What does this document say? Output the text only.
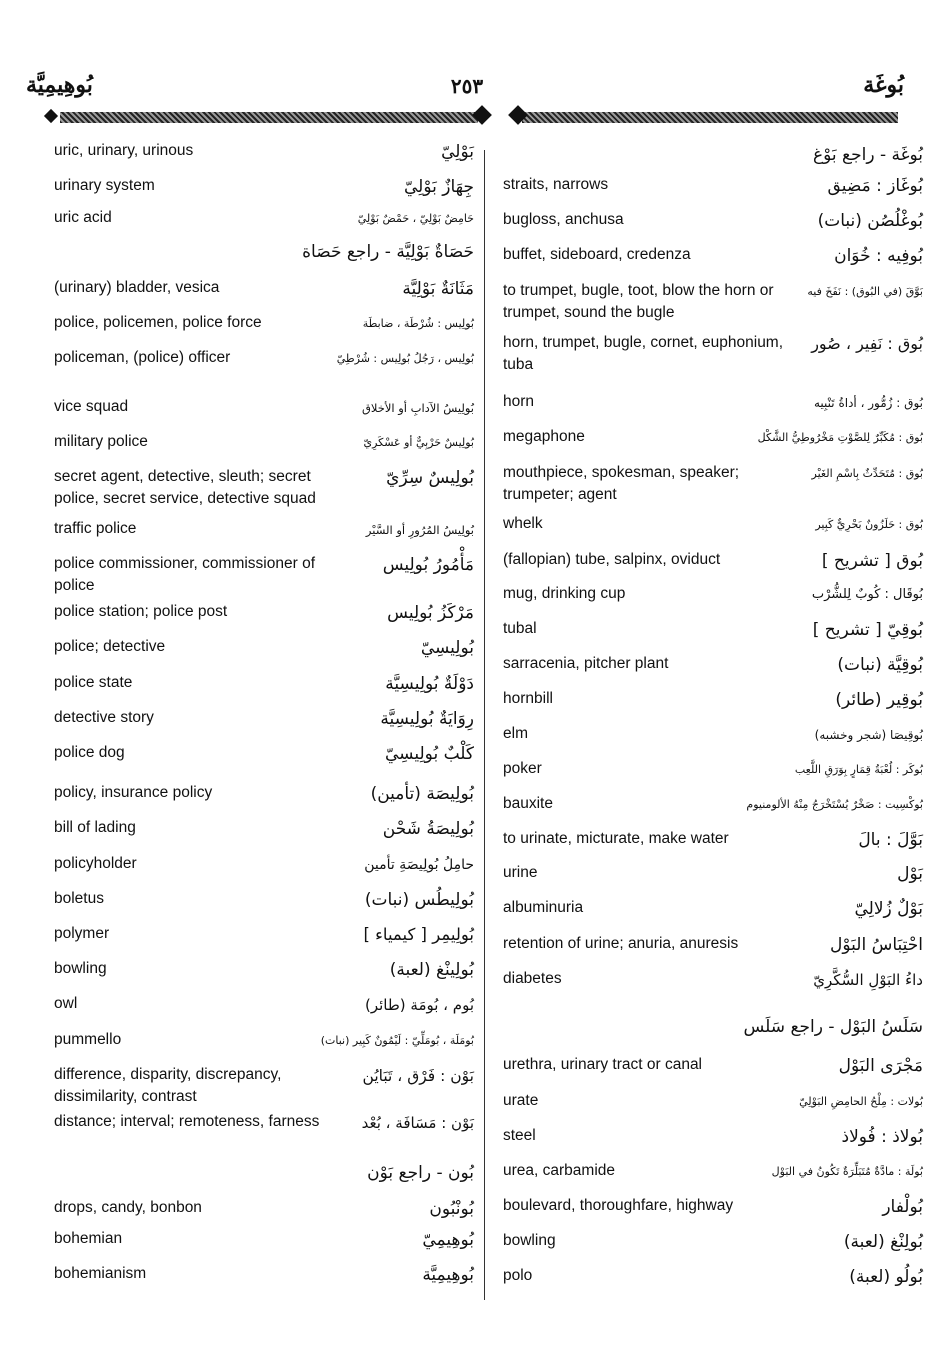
بُوهِيمِيَّة	٢٥٣	بُوغَة
بَوْلِيّ
uric, urinary, urinous
جِهَازٌ بَوْلِيّ
urinary system
حَامِضٌ بَوْلِيّ ، حَمْضٌ بَوْلِيّ
uric acid
حَصَاةٌ بَوْلِيَّة - راجع حَصَاة
مَثَانَةٌ بَوْلِيَّة
(urinary) bladder, vesica
بُولِيس : شُرْطَة ، ضابطَة
police, policemen, police force
بُولِيس ، رَجُلُ بُولِيس : شُرْطِيّ
policeman, (police) officer
بُولِيسُ الآدابِ أو الأخلاق
vice squad
بُولِيسٌ حَرْبِيٌّ أو عَسْكَرِيّ
military police
بُولِيسٌ سِرِّيّ
secret agent, detective, sleuth; secret police, secret service, detective squad
بُولِيسُ المُرُورِ أو السَّيْر
traffic police
مَأْمُورُ بُولِيس
police commissioner, commissioner of police
مَرْكَزُ بُولِيس
police station; police post
بُولِيسِيّ
police; detective
دَوْلَةٌ بُولِيسِيَّة
police state
رِوَايَةٌ بُولِيسِيَّة
detective story
كَلْبٌ بُولِيسِيّ
police dog
بُولِيصَة (تأمين)
policy, insurance policy
بُولِيصَةُ شَحْن
bill of lading
حامِلُ بُولِيصَةِ تأمين
policyholder
بُولِيطُس (نبات)
boletus
بُولِيمِر [ كيمياء ]
polymer
بُولِينْغ (لعبة)
bowling
بُوم ، بُومَة (طائر)
owl
بُومَلَة ، بُومَلِّيّ : لَيْمُونٌ كَبِير (نبات)
pummello
بَوْن : فَرْق ، تَبَايُن
difference, disparity, discrepancy, dissimilarity, contrast
بَوْن : مَسَافَة ، بُعْد
distance; interval; remoteness, farness
بُون - راجع بَوْن
بُونْبُون
drops, candy, bonbon
بُوهِيمِيّ
bohemian
بُوهِيمِيَّة
bohemianism
بُوغَة - راجع بَوْغ
بُوغَاز : مَضِيق
straits, narrows
بُوغْلُصُن (نبات)
bugloss, anchusa
بُوفِيه : خُوَان
buffet, sideboard, credenza
بَوَّقَ (في البُوق) : نَفَخَ فيه
to trumpet, bugle, toot, blow the horn or trumpet, sound the bugle
بُوق : نَفِير ، صُور
horn, trumpet, bugle, cornet, euphonium, tuba
بُوق : زُمُّور ، أداةُ تَنْبِيه
horn
بُوق : مُكَبِّرٌ لِلصَّوْتِ مَخْرُوطِيُّ الشَّكْل
megaphone
بُوق : مُتَحَدِّثٌ بِاسْمِ الغَيْر
mouthpiece, spokesman, speaker; trumpeter; agent
بُوق : حَلَزُونٌ بَحْرِيٌّ كَبِير
whelk
بُوق [ تشريح ]
(fallopian) tube, salpinx, oviduct
بُوقَال : كُوبٌ لِلشُّرْب
mug, drinking cup
بُوقِيّ [ تشريح ]
tubal
بُوقِيَّة (نبات)
sarracenia, pitcher plant
بُوقِير (طائر)
hornbill
بُوقِيصَا (شجر وخشبه)
elm
بُوكَر : لُعْبَةُ قِمَارٍ بِوَرَقِ اللَّعِب
poker
بُوكْسِيت : صَخْرٌ يُسْتَخْرَجُ مِنْهُ الألومنيوم
bauxite
بَوَّلَ : بالَ
to urinate, micturate, make water
بَوْل
urine
بَوْلٌ زُلالِيّ
albuminuria
احْتِبَاسُ البَوْل
retention of urine; anuria, anuresis
داءُ البَوْلِ السُّكَّرِيّ
diabetes
سَلَسُ البَوْل - راجع سَلَس
مَجْرَى البَوْل
urethra, urinary tract or canal
بُولات : مِلْحُ الحامِضِ البَوْلِيّ
urate
بُولاذ : فُولاذ
steel
بُولَة : مادَّةٌ مُتَبَلِّرَةٌ تَكُونُ في البَوْل
urea, carbamide
بُولْفار
boulevard, thoroughfare, highway
بُولِنْغ (لعبة)
bowling
بُولُو (لعبة)
polo
